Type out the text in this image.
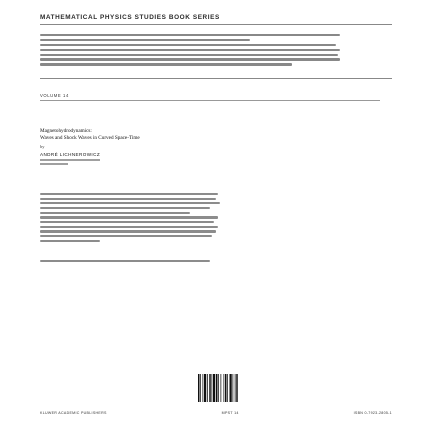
MATHEMATICAL PHYSICS STUDIES BOOK SERIES
VOLUME 14
Magnetohydrodynamics:
Waves and Shock Waves in Curved Space-Time
by
ANDRÉ LICHNEROWICZ
KLUWER ACADEMIC PUBLISHERS	MPST 14	ISBN 0-7923-2805-1
